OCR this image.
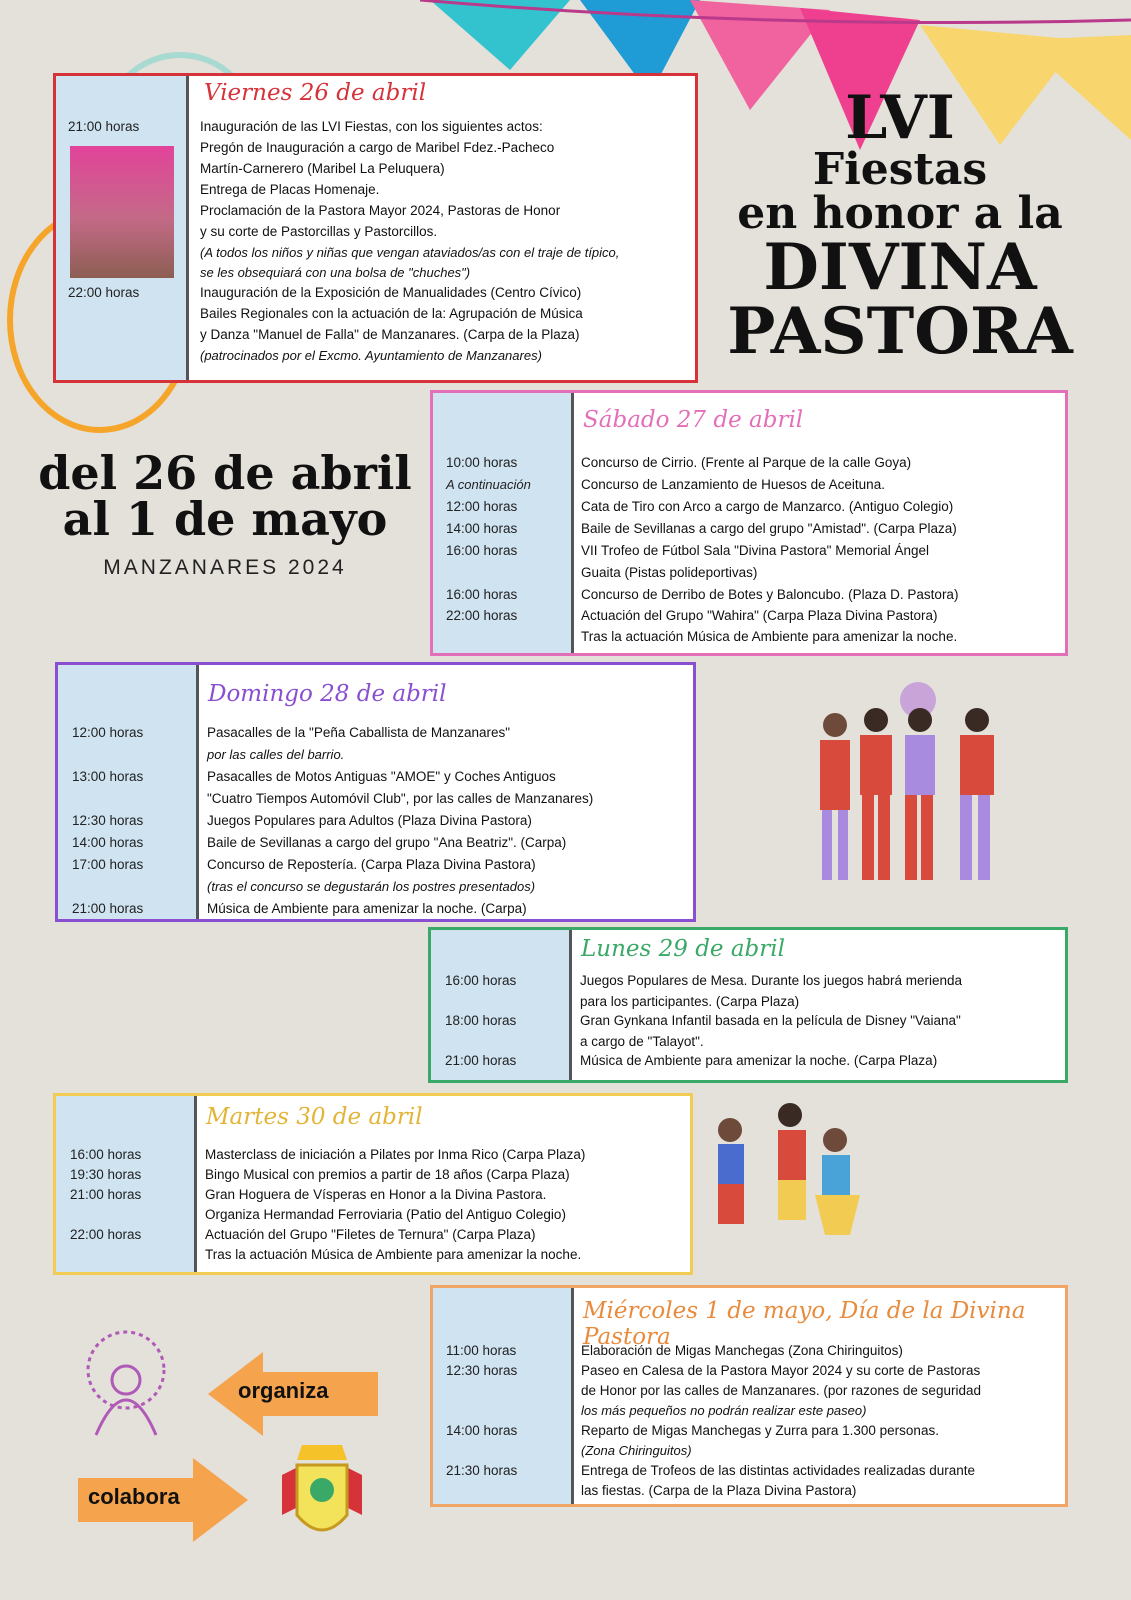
LVI
Fiestas
en honor a la
DIVINA
PASTORA
del 26 de abril
al 1 de mayo
MANZANARES 2024
Viernes 26 de abril
Sábado 27 de abril
Domingo 28 de abril
Lunes 29 de abril
Martes 30 de abril
Miércoles 1 de mayo, Día de la Divina Pastora
21:00 horas	Inauguración de las LVI Fiestas, con los siguientes actos:
Pregón de Inauguración a cargo de Maribel Fdez.-Pacheco
Martín-Carnerero (Maribel La Peluquera)
Entrega de Placas Homenaje.
Proclamación de la Pastora Mayor 2024, Pastoras de Honor
y su corte de Pastorcillas y Pastorcillos.
(A todos los niños y niñas que vengan ataviados/as con el traje de típico,
se les obsequiará con una bolsa de "chuches")
22:00 horas	Inauguración de la Exposición de Manualidades (Centro Cívico)
Bailes Regionales con la actuación de la: Agrupación de Música
y Danza "Manuel de Falla" de Manzanares. (Carpa de la Plaza)
(patrocinados por el Excmo. Ayuntamiento de Manzanares)
10:00 horas	Concurso de Cirrio. (Frente al Parque de la calle Goya)
A continuación	Concurso de Lanzamiento de Huesos de Aceituna.
12:00 horas	Cata de Tiro con Arco a cargo de Manzarco. (Antiguo Colegio)
14:00 horas	Baile de Sevillanas a cargo del grupo "Amistad". (Carpa Plaza)
16:00 horas	VII Trofeo de Fútbol Sala "Divina Pastora" Memorial Ángel
Guaita (Pistas polideportivas)
16:00 horas	Concurso de Derribo de Botes y Baloncubo. (Plaza D. Pastora)
22:00 horas	Actuación del Grupo "Wahira" (Carpa Plaza Divina Pastora)
Tras la actuación Música de Ambiente para amenizar la noche.
12:00 horas	Pasacalles de la "Peña Caballista de Manzanares"
por las calles del barrio.
13:00 horas	Pasacalles de Motos Antiguas "AMOE" y Coches Antiguos
"Cuatro Tiempos Automóvil Club", por las calles de Manzanares)
12:30 horas	Juegos Populares para Adultos (Plaza Divina Pastora)
14:00 horas	Baile de Sevillanas a cargo del grupo "Ana Beatriz". (Carpa)
17:00 horas	Concurso de Repostería. (Carpa Plaza Divina Pastora)
(tras el concurso se degustarán los postres presentados)
21:00 horas	Música de Ambiente para amenizar la noche. (Carpa)
16:00 horas	Juegos Populares de Mesa. Durante los juegos habrá merienda
para los participantes. (Carpa Plaza)
18:00 horas	Gran Gynkana Infantil basada en la película de Disney "Vaiana"
a cargo de "Talayot".
21:00 horas	Música de Ambiente para amenizar la noche. (Carpa Plaza)
16:00 horas	Masterclass de iniciación a Pilates por Inma Rico (Carpa Plaza)
19:30 horas	Bingo Musical con premios a partir de 18 años (Carpa Plaza)
21:00 horas	Gran Hoguera de Vísperas en Honor a la Divina Pastora.
Organiza Hermandad Ferroviaria (Patio del Antiguo Colegio)
22:00 horas	Actuación del Grupo "Filetes de Ternura" (Carpa Plaza)
Tras la actuación Música de Ambiente para amenizar la noche.
11:00 horas	Elaboración de Migas Manchegas (Zona Chiringuitos)
12:30 horas	Paseo en Calesa de la Pastora Mayor 2024 y su corte de Pastoras
de Honor por las calles de Manzanares. (por razones de seguridad
los más pequeños no podrán realizar este paseo)
14:00 horas	Reparto de Migas Manchegas y Zurra para 1.300 personas.
(Zona Chiringuitos)
21:30 horas	Entrega de Trofeos de las distintas actividades realizadas durante
las fiestas. (Carpa de la Plaza Divina Pastora)
organiza
colabora
